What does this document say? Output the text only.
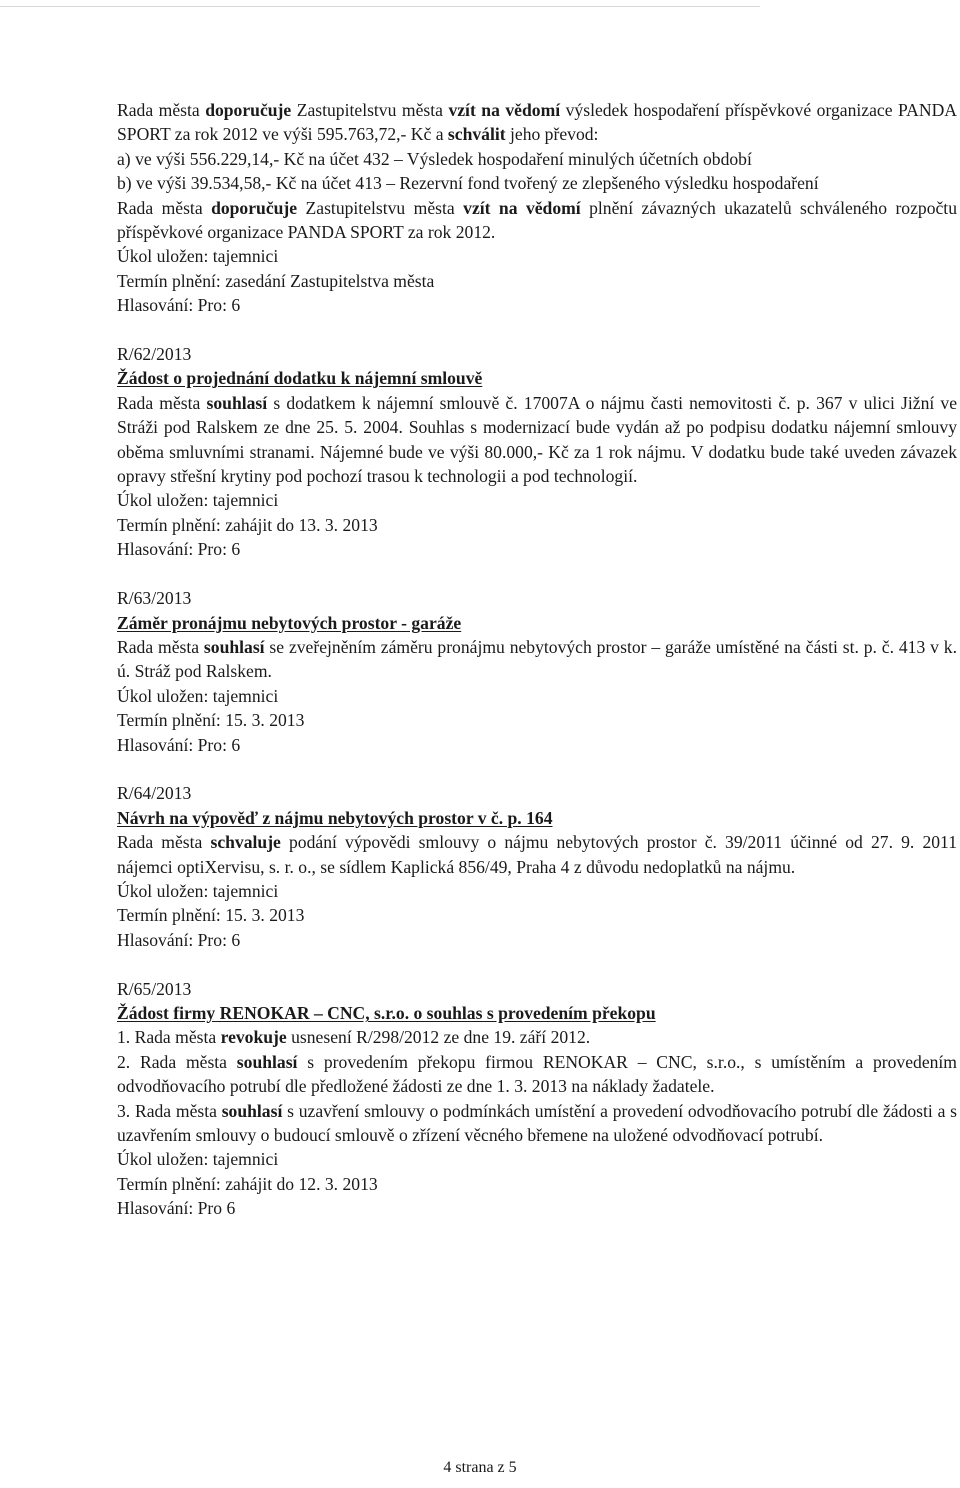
Rada města doporučuje Zastupitelstvu města vzít na vědomí výsledek hospodaření příspěvkové organizace PANDA SPORT za rok 2012 ve výši 595.763,72,- Kč a schválit jeho převod:

a) ve výši 556.229,14,- Kč na účet 432 – Výsledek hospodaření minulých účetních období

b) ve výši 39.534,58,- Kč na účet 413 – Rezervní fond tvořený ze zlepšeného výsledku hospodaření

Rada města doporučuje Zastupitelstvu města vzít na vědomí plnění závazných ukazatelů schváleného rozpočtu příspěvkové organizace PANDA SPORT za rok 2012.

Úkol uložen: tajemnici

Termín plnění: zasedání Zastupitelstva města

Hlasování: Pro: 6

R/62/2013

Žádost o projednání dodatku k nájemní smlouvě

Rada města souhlasí s dodatkem k nájemní smlouvě č. 17007A o nájmu časti nemovitosti č. p. 367 v ulici Jižní ve Stráži pod Ralskem ze dne 25. 5. 2004. Souhlas s modernizací bude vydán až po podpisu dodatku nájemní smlouvy oběma smluvními stranami. Nájemné bude ve výši 80.000,- Kč za 1 rok nájmu. V dodatku bude také uveden závazek opravy střešní krytiny pod pochozí trasou k technologii a pod technologií.

Úkol uložen: tajemnici

Termín plnění: zahájit do 13. 3. 2013

Hlasování: Pro: 6

R/63/2013

Záměr pronájmu nebytových prostor - garáže

Rada města souhlasí se zveřejněním záměru pronájmu nebytových prostor – garáže umístěné na části st. p. č. 413 v k. ú. Stráž pod Ralskem.

Úkol uložen: tajemnici

Termín plnění: 15. 3. 2013

Hlasování: Pro: 6

R/64/2013

Návrh na výpověď z nájmu nebytových prostor v č. p. 164

Rada města schvaluje podání výpovědi smlouvy o nájmu nebytových prostor č. 39/2011 účinné od 27. 9. 2011 nájemci optiXervisu, s. r. o., se sídlem Kaplická 856/49, Praha 4 z důvodu nedoplatků na nájmu.

Úkol uložen: tajemnici

Termín plnění: 15. 3. 2013

Hlasování: Pro: 6

R/65/2013

Žádost firmy RENOKAR – CNC, s.r.o. o souhlas s provedením překopu

1. Rada města revokuje usnesení R/298/2012 ze dne 19. září 2012.

2. Rada města souhlasí s provedením překopu firmou RENOKAR – CNC, s.r.o., s umístěním a provedením odvodňovacího potrubí dle předložené žádosti ze dne 1. 3. 2013 na náklady žadatele.

3. Rada města souhlasí s uzavření smlouvy o podmínkách umístění a provedení odvodňovacího potrubí dle žádosti a s uzavřením smlouvy o budoucí smlouvě o zřízení věcného břemene na uložené odvodňovací potrubí.

Úkol uložen: tajemnici

Termín plnění: zahájit do 12. 3. 2013

Hlasování: Pro 6

4 strana z 5
